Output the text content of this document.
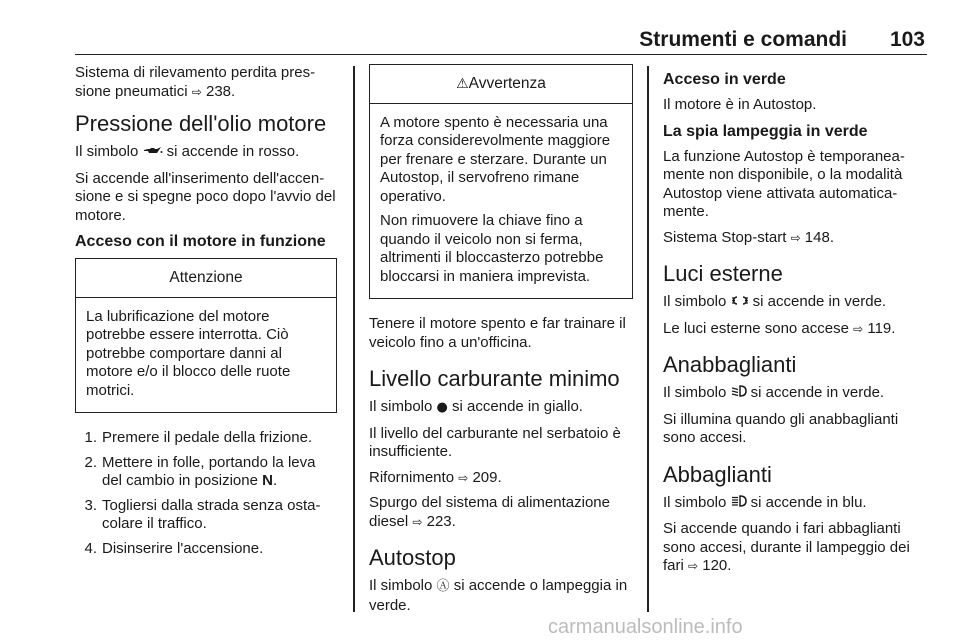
Strumenti e comandi 103

Sistema di rilevamento perdita pres-sione pneumatici ⇨ 238.

Pressione dell'olio motore

Il simbolo si accende in rosso.

Si accende all'inserimento dell'accen-sione e si spegne poco dopo l'avvio del motore.

Acceso con il motore in funzione
Attenzione

La lubrificazione del motore potrebbe essere interrotta. Ciò potrebbe comportare danni al motore e/o il blocco delle ruote motrici.

1. Premere il pedale della frizione.
2. Mettere in folle, portando la leva del cambio in posizione N.
3. Togliersi dalla strada senza osta-colare il traffico.
4. Disinserire l'accensione.
⚠Avvertenza

A motore spento è necessaria una forza considerevolmente maggiore per frenare e sterzare. Durante un Autostop, il servofreno rimane operativo.

Non rimuovere la chiave fino a quando il veicolo non si ferma, altrimenti il bloccasterzo potrebbe bloccarsi in maniera imprevista.

Tenere il motore spento e far trainare il veicolo fino a un'officina.

Livello carburante minimo

Il simbolo ● si accende in giallo.

Il livello del carburante nel serbatoio è insufficiente.

Rifornimento ⇨ 209.

Spurgo del sistema di alimentazione diesel ⇨ 223.

Autostop

Il simbolo Ⓐ si accende o lampeggia in verde.

Acceso in verde

Il motore è in Autostop.

La spia lampeggia in verde

La funzione Autostop è temporanea-mente non disponibile, o la modalità Autostop viene attivata automatica-mente.

Sistema Stop-start ⇨ 148.

Luci esterne

Il simbolo si accende in verde.

Le luci esterne sono accese ⇨ 119.

Anabbaglianti

Il simbolo si accende in verde.

Si illumina quando gli anabbaglianti sono accesi.

Abbaglianti

Il simbolo si accende in blu.

Si accende quando i fari abbaglianti sono accesi, durante il lampeggio dei fari ⇨ 120.

carmanualsonline.info
